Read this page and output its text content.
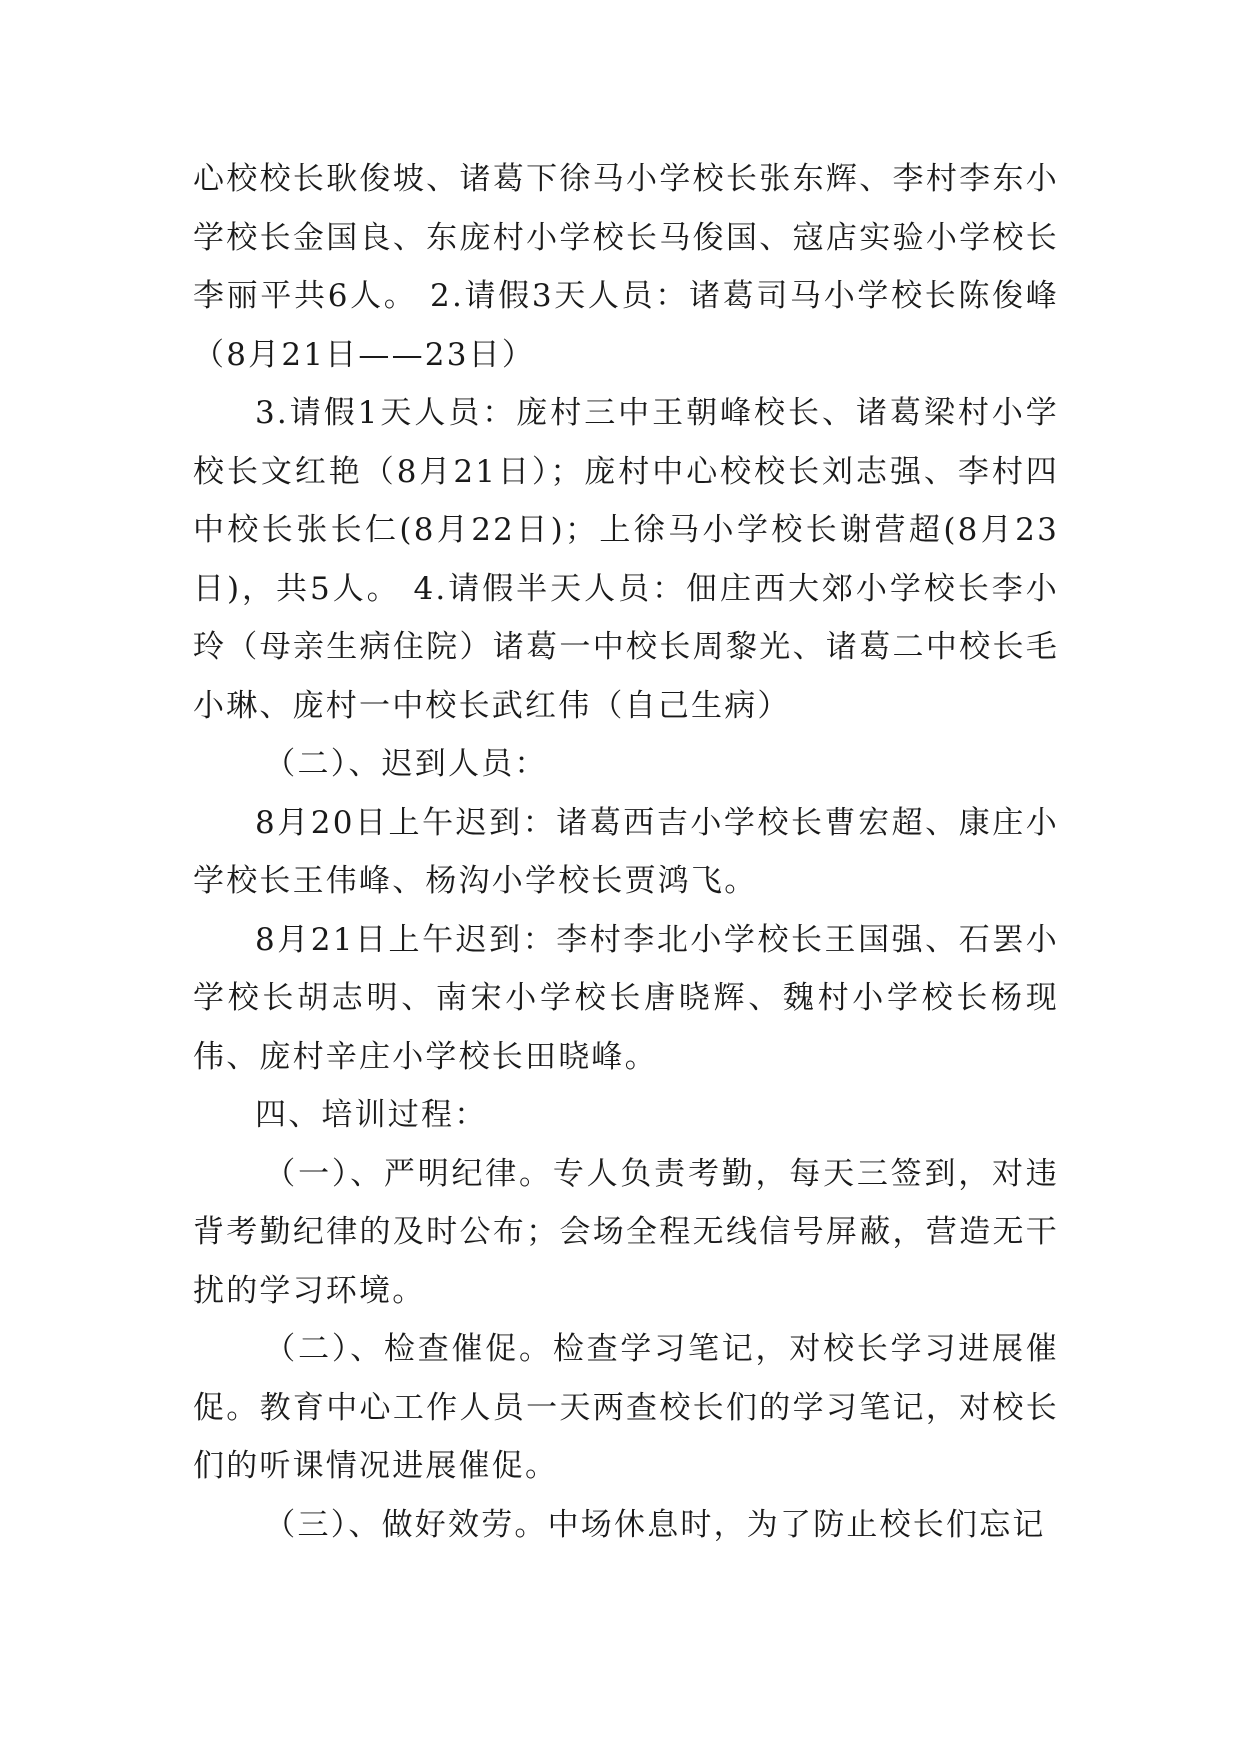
心校校长耿俊坡、诸葛下徐马小学校长张东辉、李村李东小学校长金国良、东庞村小学校长马俊国、寇店实验小学校长李丽平共6人。 2.请假3天人员：诸葛司马小学校长陈俊峰（8月21日——23日）

3.请假1天人员：庞村三中王朝峰校长、诸葛梁村小学校长文红艳（8月21日）；庞村中心校校长刘志强、李村四中校长张长仁(8月22日)；上徐马小学校长谢营超(8月23日)，共5人。 4.请假半天人员：佃庄西大郊小学校长李小玲（母亲生病住院）诸葛一中校长周黎光、诸葛二中校长毛小琳、庞村一中校长武红伟（自己生病）

（二）、迟到人员：

8月20日上午迟到：诸葛西吉小学校长曹宏超、康庄小学校长王伟峰、杨沟小学校长贾鸿飞。

8月21日上午迟到：李村李北小学校长王国强、石罢小学校长胡志明、南宋小学校长唐晓辉、魏村小学校长杨现伟、庞村辛庄小学校长田晓峰。

四、培训过程：

（一）、严明纪律。专人负责考勤，每天三签到，对违背考勤纪律的及时公布；会场全程无线信号屏蔽，营造无干扰的学习环境。

（二）、检查催促。检查学习笔记，对校长学习进展催促。教育中心工作人员一天两查校长们的学习笔记，对校长们的听课情况进展催促。

（三）、做好效劳。中场休息时，为了防止校长们忘记
